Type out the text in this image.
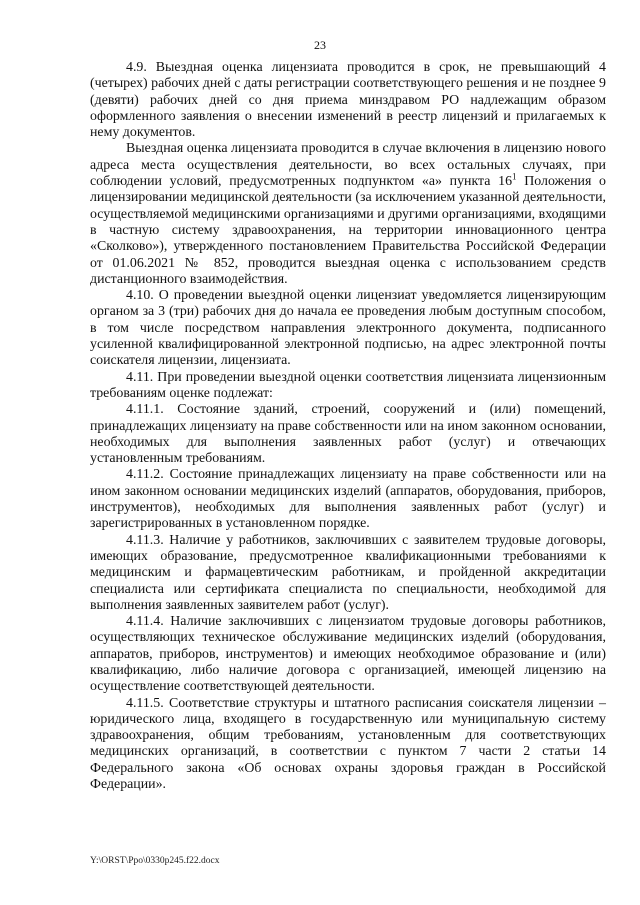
23

4.9. Выездная оценка лицензиата проводится в срок, не превышающий 4 (четырех) рабочих дней с даты регистрации соответствующего решения и не позднее 9 (девяти) рабочих дней со дня приема минздравом РО надлежащим образом оформленного заявления о внесении изменений в реестр лицензий и прилагаемых к нему документов.

Выездная оценка лицензиата проводится в случае включения в лицензию нового адреса места осуществления деятельности, во всех остальных случаях, при соблюдении условий, предусмотренных подпунктом «а» пункта $16^1$ Положения о лицензировании медицинской деятельности (за исключением указанной деятельности, осуществляемой медицинскими организациями и другими организациями, входящими в частную систему здравоохранения, на территории инновационного центра «Сколково»), утвержденного постановлением Правительства Российской Федерации от 01.06.2021 № 852, проводится выездная оценка с использованием средств дистанционного взаимодействия.

4.10. О проведении выездной оценки лицензиат уведомляется лицензирующим органом за 3 (три) рабочих дня до начала ее проведения любым доступным способом, в том числе посредством направления электронного документа, подписанного усиленной квалифицированной электронной подписью, на адрес электронной почты соискателя лицензии, лицензиата.

4.11. При проведении выездной оценки соответствия лицензиата лицензионным требованиям оценке подлежат:

4.11.1. Состояние зданий, строений, сооружений и (или) помещений, принадлежащих лицензиату на праве собственности или на ином законном основании, необходимых для выполнения заявленных работ (услуг) и отвечающих установленным требованиям.

4.11.2. Состояние принадлежащих лицензиату на праве собственности или на ином законном основании медицинских изделий (аппаратов, оборудования, приборов, инструментов), необходимых для выполнения заявленных работ (услуг) и зарегистрированных в установленном порядке.

4.11.3. Наличие у работников, заключивших с заявителем трудовые договоры, имеющих образование, предусмотренное квалификационными требованиями к медицинским и фармацевтическим работникам, и пройденной аккредитации специалиста или сертификата специалиста по специальности, необходимой для выполнения заявленных заявителем работ (услуг).

4.11.4. Наличие заключивших с лицензиатом трудовые договоры работников, осуществляющих техническое обслуживание медицинских изделий (оборудования, аппаратов, приборов, инструментов) и имеющих необходимое образование и (или) квалификацию, либо наличие договора с организацией, имеющей лицензию на осуществление соответствующей деятельности.

4.11.5. Соответствие структуры и штатного расписания соискателя лицензии – юридического лица, входящего в государственную или муниципальную систему здравоохранения, общим требованиям, установленным для соответствующих медицинских организаций, в соответствии с пунктом 7 части 2 статьи 14 Федерального закона «Об основах охраны здоровья граждан в Российской Федерации».

Y:\ORST\Ppo\0330p245.f22.docx
